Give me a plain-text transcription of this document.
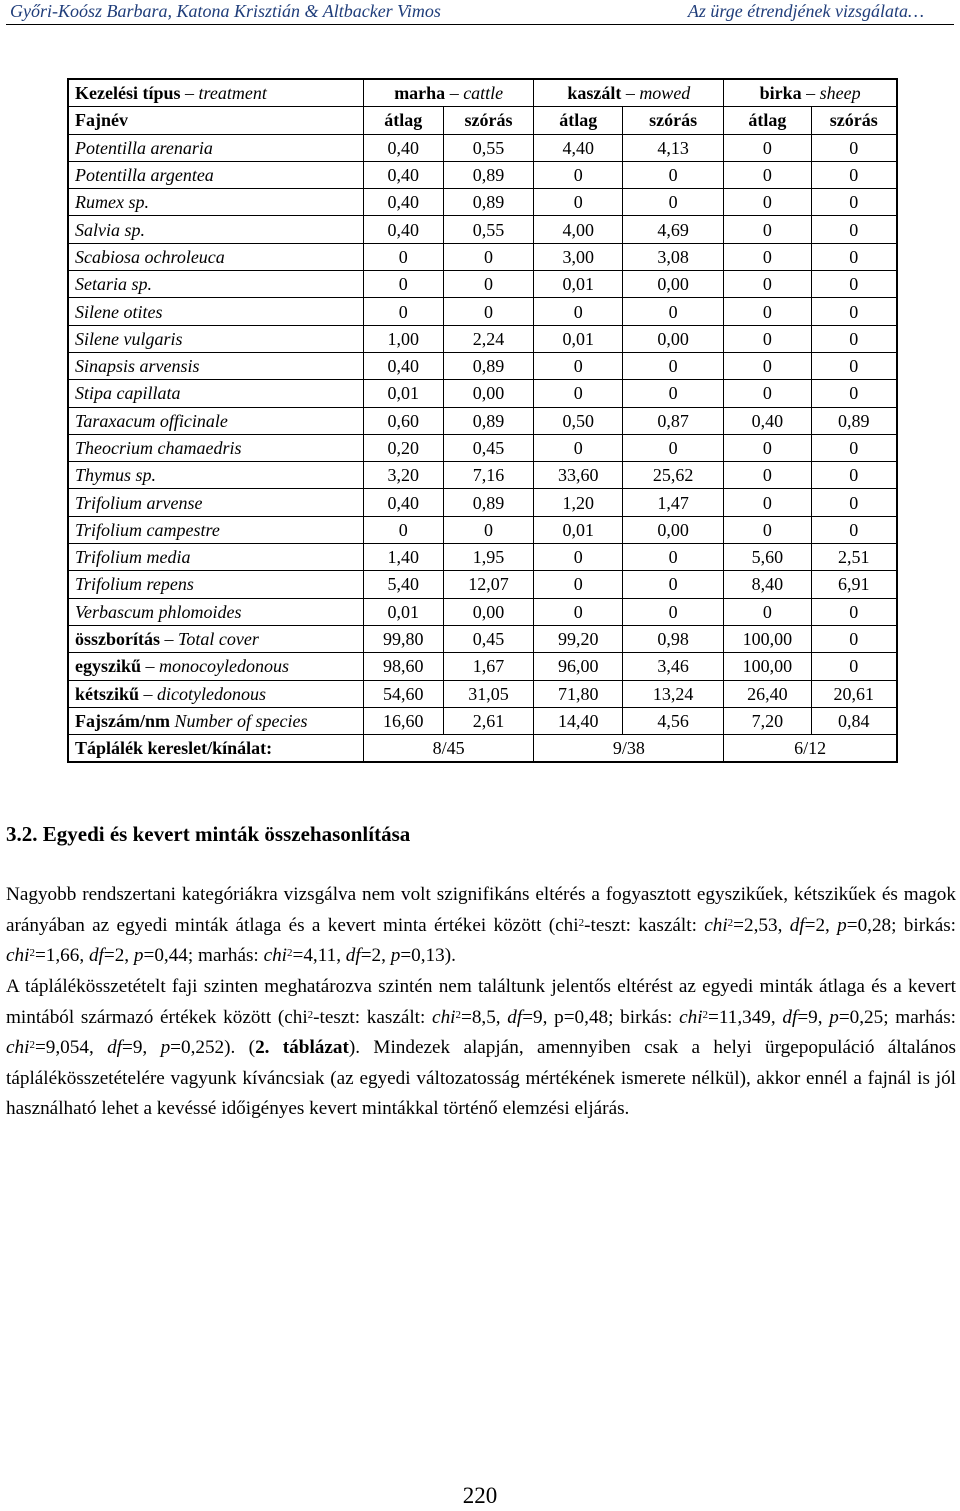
Győri-Koósz Barbara, Katona Krisztián & Altbacker Vimos	Az ürge étrendjének vizsgálata…
Kezelési típus – treatment	marha – cattle		kaszált – mowed		birka – sheep	
Fajnév	átlag	szórás	átlag	szórás	átlag	szórás
Potentilla arenaria	0,40	0,55	4,40	4,13	0	0
Potentilla argentea	0,40	0,89	0	0	0	0
Rumex sp.	0,40	0,89	0	0	0	0
Salvia sp.	0,40	0,55	4,00	4,69	0	0
Scabiosa ochroleuca	0	0	3,00	3,08	0	0
Setaria sp.	0	0	0,01	0,00	0	0
Silene otites	0	0	0	0	0	0
Silene vulgaris	1,00	2,24	0,01	0,00	0	0
Sinapsis arvensis	0,40	0,89	0	0	0	0
Stipa capillata	0,01	0,00	0	0	0	0
Taraxacum officinale	0,60	0,89	0,50	0,87	0,40	0,89
Theocrium chamaedris	0,20	0,45	0	0	0	0
Thymus sp.	3,20	7,16	33,60	25,62	0	0
Trifolium arvense	0,40	0,89	1,20	1,47	0	0
Trifolium campestre	0	0	0,01	0,00	0	0
Trifolium media	1,40	1,95	0	0	5,60	2,51
Trifolium repens	5,40	12,07	0	0	8,40	6,91
Verbascum phlomoides	0,01	0,00	0	0	0	0
összborítás – Total cover	99,80	0,45	99,20	0,98	100,00	0
egyszikű – monocoyledonous	98,60	1,67	96,00	3,46	100,00	0
kétszikű – dicotyledonous	54,60	31,05	71,80	13,24	26,40	20,61
Fajszám/nm Number of species	16,60	2,61	14,40	4,56	7,20	0,84
Táplálék kereslet/kínálat:	8/45		9/38		6/12	
3.2. Egyedi és kevert minták összehasonlítása

Nagyobb rendszertani kategóriákra vizsgálva nem volt szignifikáns eltérés a fogyasztott egyszikűek, kétszikűek és magok arányában az egyedi minták átlaga és a kevert minta értékei között (chi$^2$-teszt: kaszált: chi$^2$=2,53, df=2, p=0,28; birkás: chi$^2$=1,66, df=2, p=0,44; marhás: chi$^2$=4,11, df=2, p=0,13).

A táplálékösszetételt faji szinten meghatározva szintén nem találtunk jelentős eltérést az egyedi minták átlaga és a kevert mintából származó értékek között (chi$^2$-teszt: kaszált: chi$^2$=8,5, df=9, p=0,48; birkás: chi$^2$=11,349, df=9, p=0,25; marhás: chi$^2$=9,054, df=9, p=0,252). (2. táblázat). Mindezek alapján, amennyiben csak a helyi ürgepopuláció általános táplálékösszetételére vagyunk kíváncsiak (az egyedi változatosság mértékének ismerete nélkül), akkor ennél a fajnál is jól használható lehet a kevéssé időigényes kevert mintákkal történő elemzési eljárás.

220
